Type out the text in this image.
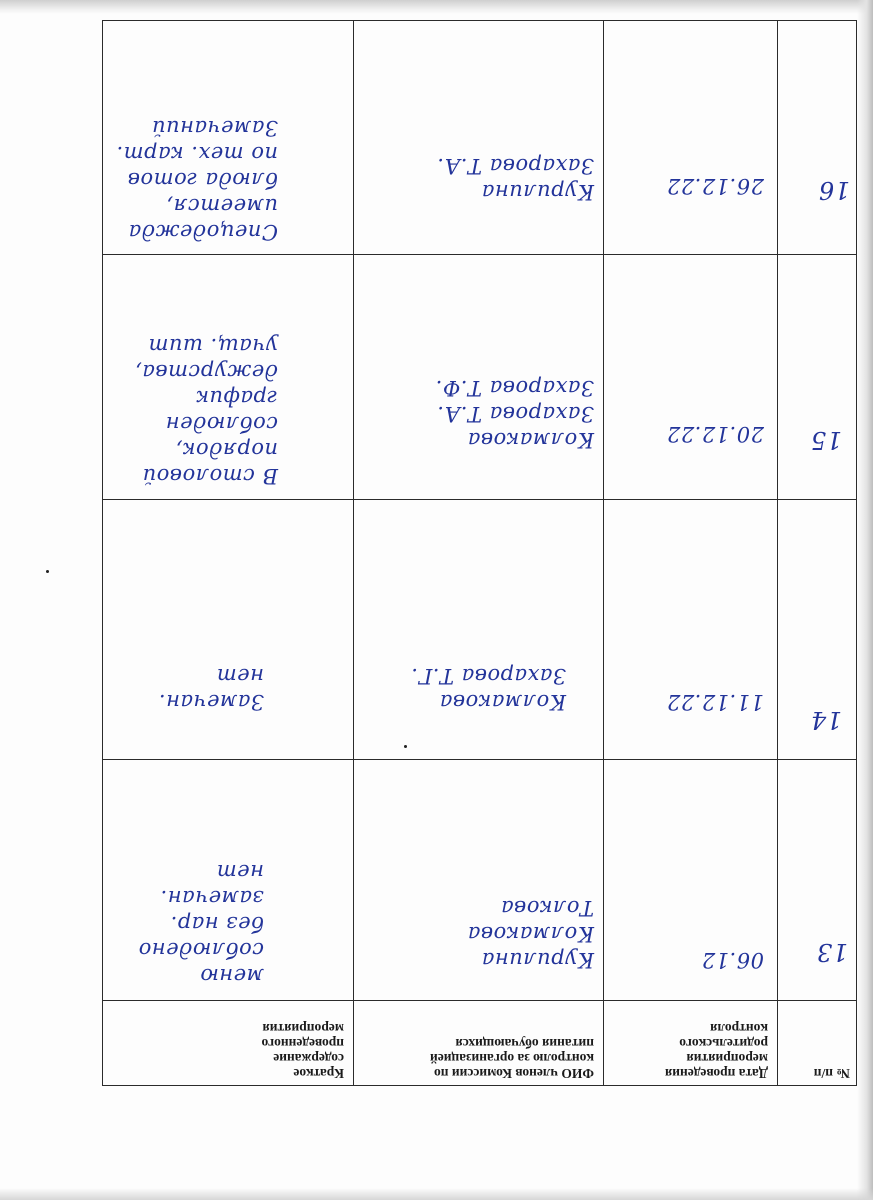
№ п/п
Дата проведения
мероприятия
родительского
контроля
ФИО членов Комиссии по
контролю за организацией
питания обучающихся
Краткое
содержание
проведенного
мероприятия
13
06.12
Курилина
Колмакова
Толкова
меню
соблюдено
без нар.
замечан.
нет
14
11.12.22
Колмакова
Захарова Т.Г.
Замечан.
нет
15
20.12.22
Колмакова
Захарова Т.А.
Захарова Т.Ф.
В столовой
порядок,
соблюден
график
дежурства,
учащ. шит
16
26.12.22
Курилина
Захарова Т.А.
Спецодежда
имеется,
блюда готов
по тех. карт.
Замечаний
